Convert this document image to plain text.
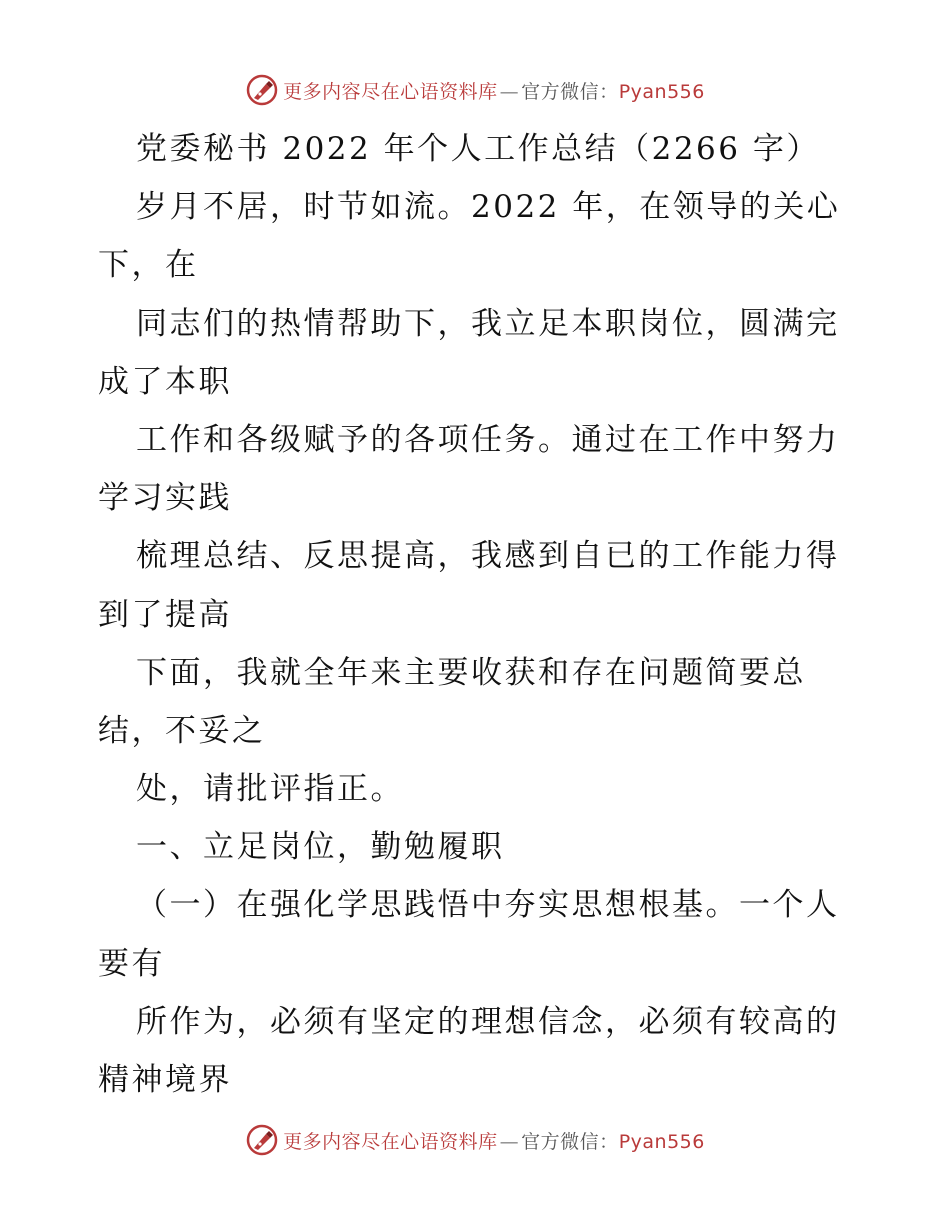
更多内容尽在心语资料库 — 官方微信：Pyan556
党委秘书 2022 年个人工作总结（2266 字）
岁月不居，时节如流。2022 年，在领导的关心
下，在
同志们的热情帮助下，我立足本职岗位，圆满完
成了本职
工作和各级赋予的各项任务。通过在工作中努力
学习实践
梳理总结、反思提高，我感到自已的工作能力得
到了提高
下面，我就全年来主要收获和存在问题简要总
结，不妥之
处，请批评指正。
一、立足岗位，勤勉履职
（一）在强化学思践悟中夯实思想根基。一个人
要有
所作为，必须有坚定的理想信念，必须有较高的
精神境界
更多内容尽在心语资料库 — 官方微信：Pyan556
